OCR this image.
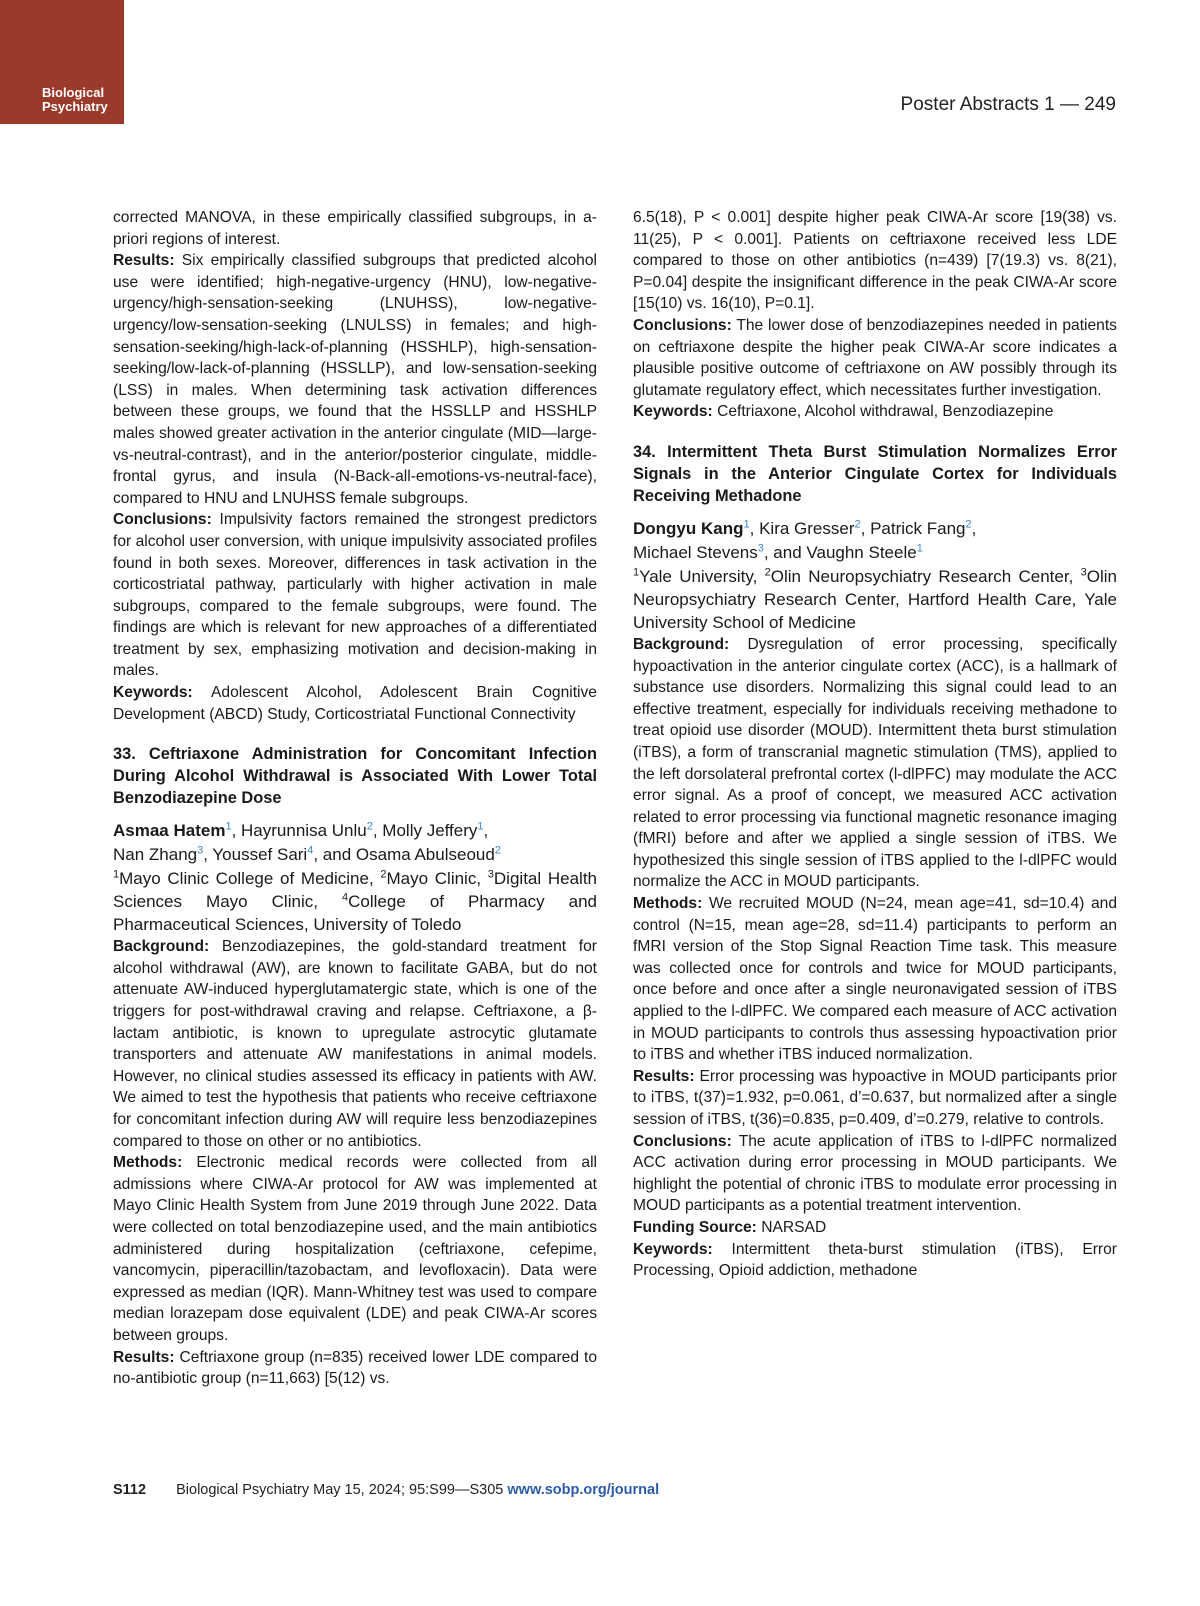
Biological
Psychiatry	Poster Abstracts 1 — 249

corrected MANOVA, in these empirically classified subgroups, in a-priori regions of interest.

Results: Six empirically classified subgroups that predicted alcohol use were identified; high-negative-urgency (HNU), low-negative-urgency/high-sensation-seeking (LNUHSS), low-negative-urgency/low-sensation-seeking (LNULSS) in females; and high-sensation-seeking/high-lack-of-planning (HSSHLP), high-sensation-seeking/low-lack-of-planning (HSSLLP), and low-sensation-seeking (LSS) in males. When determining task activation differences between these groups, we found that the HSSLLP and HSSHLP males showed greater activation in the anterior cingulate (MID—large-vs-neutral-contrast), and in the anterior/posterior cingulate, middle-frontal gyrus, and insula (N-Back-all-emotions-vs-neutral-face), compared to HNU and LNUHSS female subgroups.

Conclusions: Impulsivity factors remained the strongest predictors for alcohol user conversion, with unique impulsivity associated profiles found in both sexes. Moreover, differences in task activation in the corticostriatal pathway, particularly with higher activation in male subgroups, compared to the female subgroups, were found. The findings are which is relevant for new approaches of a differentiated treatment by sex, emphasizing motivation and decision-making in males.

Keywords: Adolescent Alcohol, Adolescent Brain Cognitive Development (ABCD) Study, Corticostriatal Functional Connectivity

33. Ceftriaxone Administration for Concomitant Infection During Alcohol Withdrawal is Associated With Lower Total Benzodiazepine Dose

Asmaa Hatem$^1$, Hayrunnisa Unlu$^2$, Molly Jeffery$^1$,
Nan Zhang$^3$, Youssef Sari$^4$, and Osama Abulseoud$^2$

$^1$Mayo Clinic College of Medicine, $^2$Mayo Clinic, $^3$Digital Health Sciences Mayo Clinic, $^4$College of Pharmacy and Pharmaceutical Sciences, University of Toledo

Background: Benzodiazepines, the gold-standard treatment for alcohol withdrawal (AW), are known to facilitate GABA, but do not attenuate AW-induced hyperglutamatergic state, which is one of the triggers for post-withdrawal craving and relapse. Ceftriaxone, a β-lactam antibiotic, is known to upregulate astrocytic glutamate transporters and attenuate AW manifestations in animal models. However, no clinical studies assessed its efficacy in patients with AW. We aimed to test the hypothesis that patients who receive ceftriaxone for concomitant infection during AW will require less benzodiazepines compared to those on other or no antibiotics.

Methods: Electronic medical records were collected from all admissions where CIWA-Ar protocol for AW was implemented at Mayo Clinic Health System from June 2019 through June 2022. Data were collected on total benzodiazepine used, and the main antibiotics administered during hospitalization (ceftriaxone, cefepime, vancomycin, piperacillin/tazobactam, and levofloxacin). Data were expressed as median (IQR). Mann-Whitney test was used to compare median lorazepam dose equivalent (LDE) and peak CIWA-Ar scores between groups.

Results: Ceftriaxone group (n=835) received lower LDE compared to no-antibiotic group (n=11,663) [5(12) vs.

6.5(18), P < 0.001] despite higher peak CIWA-Ar score [19(38) vs. 11(25), P < 0.001]. Patients on ceftriaxone received less LDE compared to those on other antibiotics (n=439) [7(19.3) vs. 8(21), P=0.04] despite the insignificant difference in the peak CIWA-Ar score [15(10) vs. 16(10), P=0.1].

Conclusions: The lower dose of benzodiazepines needed in patients on ceftriaxone despite the higher peak CIWA-Ar score indicates a plausible positive outcome of ceftriaxone on AW possibly through its glutamate regulatory effect, which necessitates further investigation.

Keywords: Ceftriaxone, Alcohol withdrawal, Benzodiazepine

34. Intermittent Theta Burst Stimulation Normalizes Error Signals in the Anterior Cingulate Cortex for Individuals Receiving Methadone

Dongyu Kang$^1$, Kira Gresser$^2$, Patrick Fang$^2$,
Michael Stevens$^3$, and Vaughn Steele$^1$

$^1$Yale University, $^2$Olin Neuropsychiatry Research Center, $^3$Olin Neuropsychiatry Research Center, Hartford Health Care, Yale University School of Medicine

Background: Dysregulation of error processing, specifically hypoactivation in the anterior cingulate cortex (ACC), is a hallmark of substance use disorders. Normalizing this signal could lead to an effective treatment, especially for individuals receiving methadone to treat opioid use disorder (MOUD). Intermittent theta burst stimulation (iTBS), a form of transcranial magnetic stimulation (TMS), applied to the left dorsolateral prefrontal cortex (l-dlPFC) may modulate the ACC error signal. As a proof of concept, we measured ACC activation related to error processing via functional magnetic resonance imaging (fMRI) before and after we applied a single session of iTBS. We hypothesized this single session of iTBS applied to the l-dlPFC would normalize the ACC in MOUD participants.

Methods: We recruited MOUD (N=24, mean age=41, sd=10.4) and control (N=15, mean age=28, sd=11.4) participants to perform an fMRI version of the Stop Signal Reaction Time task. This measure was collected once for controls and twice for MOUD participants, once before and once after a single neuronavigated session of iTBS applied to the l-dlPFC. We compared each measure of ACC activation in MOUD participants to controls thus assessing hypoactivation prior to iTBS and whether iTBS induced normalization.

Results: Error processing was hypoactive in MOUD participants prior to iTBS, t(37)=1.932, p=0.061, d’=0.637, but normalized after a single session of iTBS, t(36)=0.835, p=0.409, d’=0.279, relative to controls.

Conclusions: The acute application of iTBS to l-dlPFC normalized ACC activation during error processing in MOUD participants. We highlight the potential of chronic iTBS to modulate error processing in MOUD participants as a potential treatment intervention.

Funding Source: NARSAD

Keywords: Intermittent theta-burst stimulation (iTBS), Error Processing, Opioid addiction, methadone

S112 Biological Psychiatry May 15, 2024; 95:S99—S305 www.sobp.org/journal
